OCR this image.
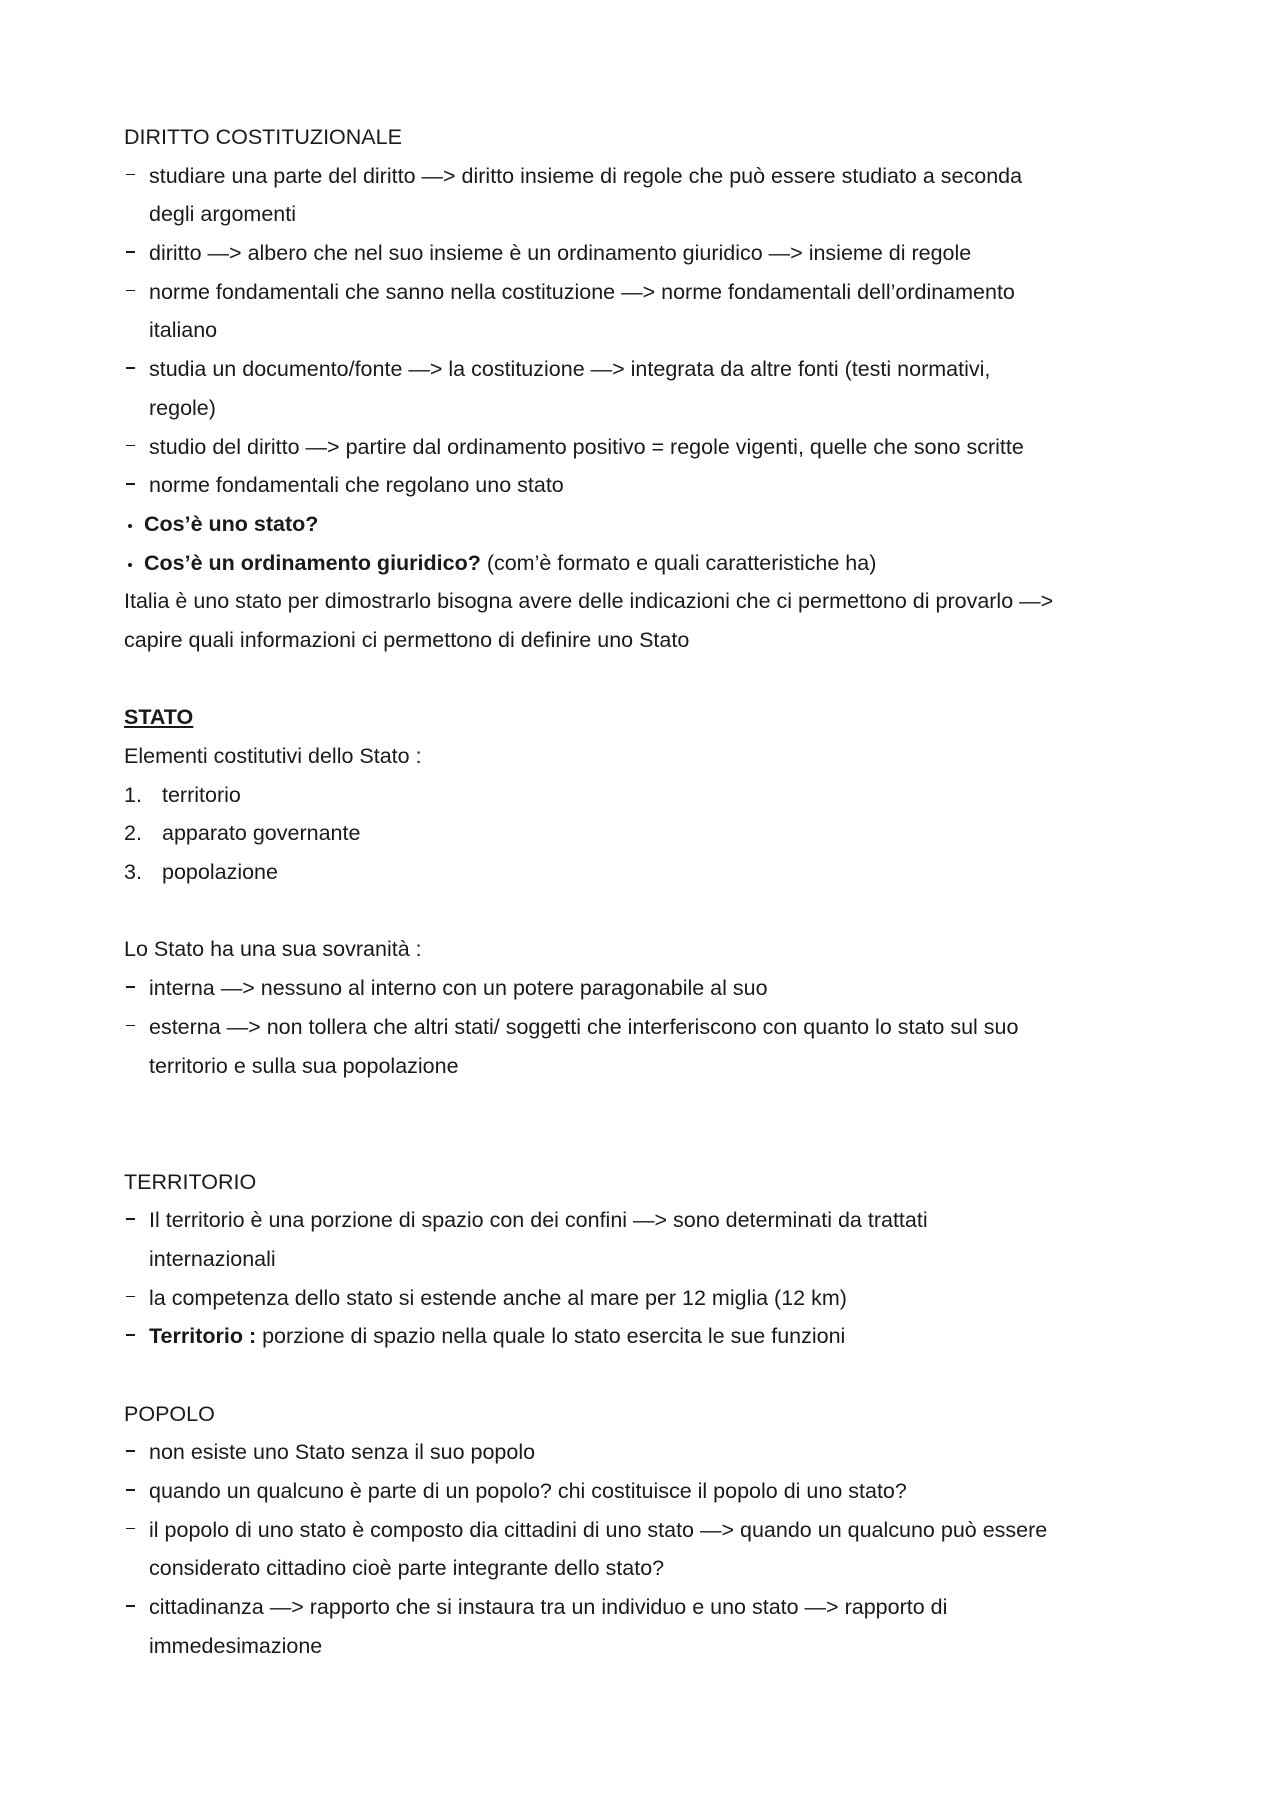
DIRITTO COSTITUZIONALE
studiare una parte del diritto —> diritto insieme di regole che può essere studiato a seconda
degli argomenti
diritto —> albero che nel suo insieme è un ordinamento giuridico —> insieme di regole
norme fondamentali che sanno nella costituzione —> norme fondamentali dell’ordinamento
italiano
studia un documento/fonte —> la costituzione —> integrata da altre fonti (testi normativi,
regole)
studio del diritto —> partire dal ordinamento positivo = regole vigenti, quelle che sono scritte
norme fondamentali che regolano uno stato
Cos’è uno stato?
Cos’è un ordinamento giuridico? (com’è formato e quali caratteristiche ha)
Italia è uno stato per dimostrarlo bisogna avere delle indicazioni che ci permettono di provarlo —>
capire quali informazioni ci permettono di definire uno Stato
STATO
Elementi costitutivi dello Stato :
1. territorio
2. apparato governante
3. popolazione
Lo Stato ha una sua sovranità :
interna —> nessuno al interno con un potere paragonabile al suo
esterna —> non tollera che altri stati/ soggetti che interferiscono con quanto lo stato sul suo
territorio e sulla sua popolazione
TERRITORIO
Il territorio è una porzione di spazio con dei confini —> sono determinati da trattati
internazionali
la competenza dello stato si estende anche al mare per 12 miglia (12 km)
Territorio : porzione di spazio nella quale lo stato esercita le sue funzioni
POPOLO
non esiste uno Stato senza il suo popolo
quando un qualcuno è parte di un popolo? chi costituisce il popolo di uno stato?
il popolo di uno stato è composto dia cittadini di uno stato —> quando un qualcuno può essere
considerato cittadino cioè parte integrante dello stato?
cittadinanza —> rapporto che si instaura tra un individuo e uno stato —> rapporto di
immedesimazione
